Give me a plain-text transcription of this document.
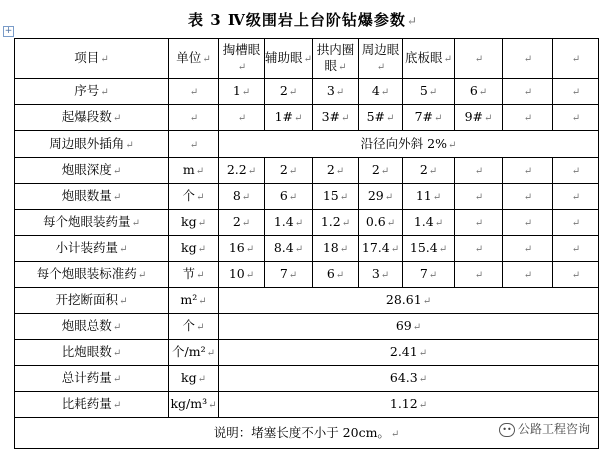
表 3 Ⅳ级围岩上台阶钻爆参数↵
+
项目↵	单位↵	掏槽眼↵	辅助眼↵	拱内圈眼↵	周边眼↵	底板眼↵	↵	↵	↵
序号↵	↵	1↵	2↵	3↵	4↵	5↵	6↵	↵	↵
起爆段数↵	↵	↵	1#↵	3#↵	5#↵	7#↵	9#↵	↵	↵
周边眼外插角↵	↵	沿径向外斜 2%↵							
炮眼深度↵	m↵	2.2↵	2↵	2↵	2↵	2↵	↵	↵	↵
炮眼数量↵	个↵	8↵	6↵	15↵	29↵	11↵	↵	↵	↵
每个炮眼装药量↵	kg↵	2↵	1.4↵	1.2↵	0.6↵	1.4↵	↵	↵	↵
小计装药量↵	kg↵	16↵	8.4↵	18↵	17.4↵	15.4↵	↵	↵	↵
每个炮眼装标准药↵	节↵	10↵	7↵	6↵	3↵	7↵	↵	↵	↵
开挖断面积↵	m²↵	28.61↵							
炮眼总数↵	个↵	69↵							
比炮眼数↵	个/m²↵	2.41↵							
总计药量↵	kg↵	64.3↵							
比耗药量↵	kg/m³↵	1.12↵							
说明：堵塞长度不小于 20cm。↵ •• 公路工程咨询									
